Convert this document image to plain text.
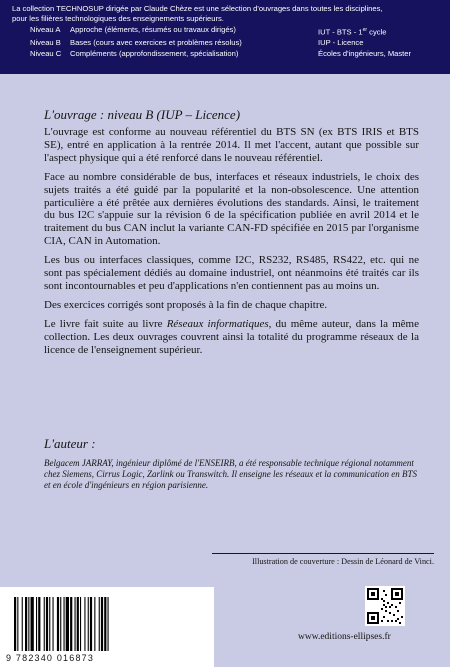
La collection TECHNOSUP dirigée par Claude Chèze est une sélection d'ouvrages dans toutes les disciplines,
pour les filières technologiques des enseignements supérieurs.
Niveau A	Approche (éléments, résumés ou travaux dirigés)	IUT - BTS - 1er cycle
Niveau B	Bases (cours avec exercices et problèmes résolus)	IUP - Licence
Niveau C	Compléments (approfondissement, spécialisation)	Écoles d'ingénieurs, Master
L'ouvrage : niveau B (IUP – Licence)

L'ouvrage est conforme au nouveau référentiel du BTS SN (ex BTS IRIS et BTS SE), entré en application à la rentrée 2014. Il met l'accent, autant que possible sur l'aspect physique qui a été renforcé dans le nouveau référentiel.

Face au nombre considérable de bus, interfaces et réseaux industriels, le choix des sujets traités a été guidé par la popularité et la non-obsolescence. Une attention particulière a été prêtée aux dernières évolutions des standards. Ainsi, le traitement du bus I2C s'appuie sur la révision 6 de la spécification publiée en avril 2014 et le traitement du bus CAN inclut la variante CAN-FD spécifiée en 2015 par l'organisme CIA, CAN in Automation.

Les bus ou interfaces classiques, comme I2C, RS232, RS485, RS422, etc. qui ne sont pas spécialement dédiés au domaine industriel, ont néanmoins été traités car ils sont incontournables et peu d'applications n'en contiennent pas au moins un.

Des exercices corrigés sont proposés à la fin de chaque chapitre.

Le livre fait suite au livre Réseaux informatiques, du même auteur, dans la même collection. Les deux ouvrages couvrent ainsi la totalité du programme réseaux de la licence de l'enseignement supérieur.

L'auteur :

Belgacem JARRAY, ingénieur diplômé de l'ENSEIRB, a été responsable technique régional notamment chez Siemens, Cirrus Logic, Zarlink ou Transwitch. Il enseigne les réseaux et la communication en BTS et en école d'ingénieurs en région parisienne.

Illustration de couverture : Dessin de Léonard de Vinci.
9 782340 016873
www.editions-ellipses.fr
